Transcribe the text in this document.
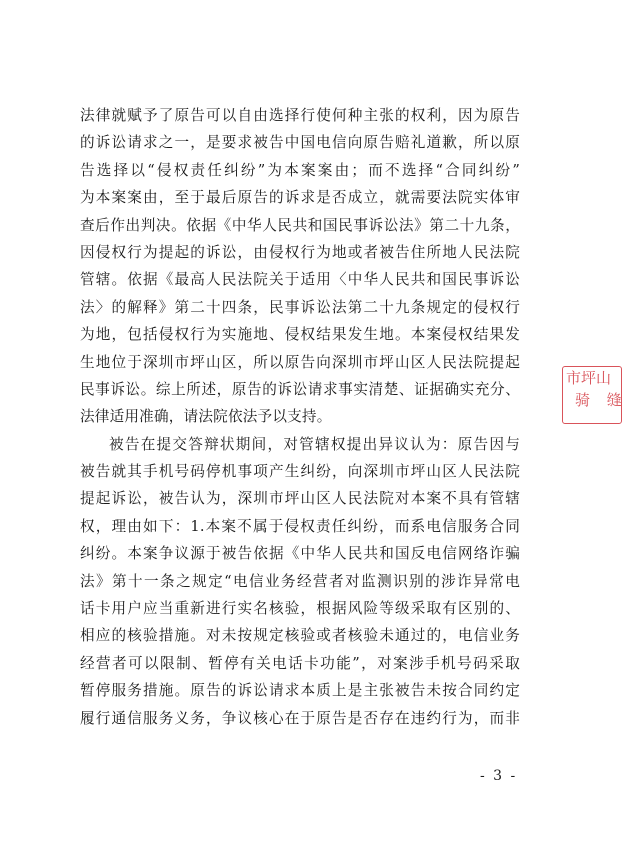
法律就赋予了原告可以自由选择行使何种主张的权利，因为原告
的诉讼请求之一，是要求被告中国电信向原告赔礼道歉，所以原
告选择以“侵权责任纠纷”为本案案由；而不选择“合同纠纷”
为本案案由，至于最后原告的诉求是否成立，就需要法院实体审
查后作出判决。依据《中华人民共和国民事诉讼法》第二十九条，
因侵权行为提起的诉讼，由侵权行为地或者被告住所地人民法院
管辖。依据《最高人民法院关于适用〈中华人民共和国民事诉讼
法〉的解释》第二十四条，民事诉讼法第二十九条规定的侵权行
为地，包括侵权行为实施地、侵权结果发生地。本案侵权结果发
生地位于深圳市坪山区，所以原告向深圳市坪山区人民法院提起
民事诉讼。综上所述，原告的诉讼请求事实清楚、证据确实充分、
法律适用准确，请法院依法予以支持。
被告在提交答辩状期间，对管辖权提出异议认为：原告因与
被告就其手机号码停机事项产生纠纷，向深圳市坪山区人民法院
提起诉讼，被告认为，深圳市坪山区人民法院对本案不具有管辖
权，理由如下：1.本案不属于侵权责任纠纷，而系电信服务合同
纠纷。本案争议源于被告依据《中华人民共和国反电信网络诈骗
法》第十一条之规定“电信业务经营者对监测识别的涉诈异常电
话卡用户应当重新进行实名核验，根据风险等级采取有区别的、
相应的核验措施。对未按规定核验或者核验未通过的，电信业务
经营者可以限制、暂停有关电话卡功能”，对案涉手机号码采取
暂停服务措施。原告的诉讼请求本质上是主张被告未按合同约定
履行通信服务义务，争议核心在于原告是否存在违约行为，而非
市坪山
骑 缝
- 3 -
